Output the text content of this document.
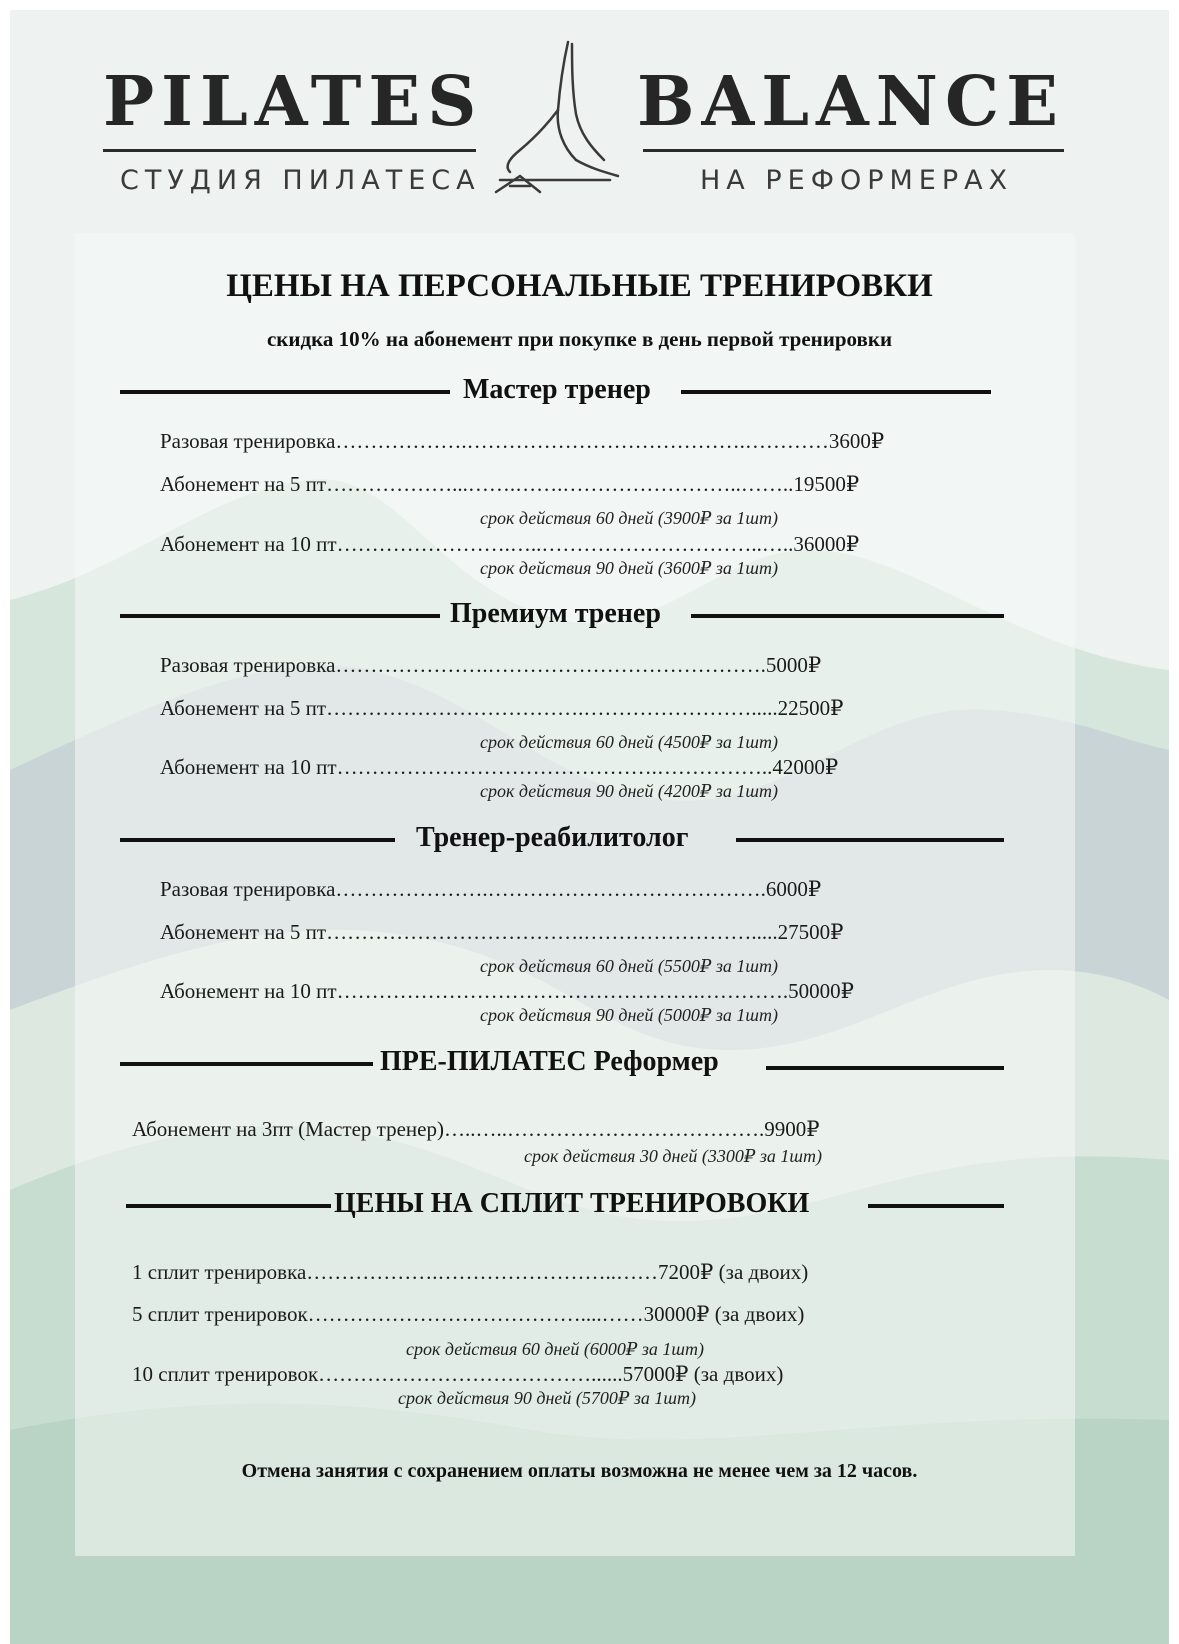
PILATES BALANCE
СТУДИЯ ПИЛАТЕСА	НА РЕФОРМЕРАХ
ЦЕНЫ НА ПЕРСОНАЛЬНЫЕ ТРЕНИРОВКИ
скидка 10% на абонемент при покупке в день первой тренировки
Мастер тренер
Разовая тренировка……………….………………………………….…………3600₽
Абонемент на 5 пт………………...…….…….……………………..……..19500₽
срок действия 60 дней (3900₽ за 1шт)
Абонемент на 10 пт…………………….…..…………………………..…..36000₽
срок действия 90 дней (3600₽ за 1шт)
Премиум тренер
Разовая тренировка………………….………………………………….5000₽
Абонемент на 5 пт……………………………….…………………….....22500₽
срок действия 60 дней (4500₽ за 1шт)
Абонемент на 10 пт……………………………………….……………..42000₽
срок действия 90 дней (4200₽ за 1шт)
Тренер-реабилитолог
Разовая тренировка………………….………………………………….6000₽
Абонемент на 5 пт……………………………….…………………….....27500₽
срок действия 60 дней (5500₽ за 1шт)
Абонемент на 10 пт…………………………………………….………….50000₽
срок действия 90 дней (5000₽ за 1шт)
ПРЕ-ПИЛАТЕС Реформер
Абонемент на 3пт (Мастер тренер)…..…..……………………………….9900₽
срок действия 30 дней (3300₽ за 1шт)
ЦЕНЫ НА СПЛИТ ТРЕНИРОВОКИ
1 сплит тренировка……………….……………………..……7200₽ (за двоих)
5 сплит тренировок…………………………………....……30000₽ (за двоих)
срок действия 60 дней (6000₽ за 1шт)
10 сплит тренировок…………………………………......57000₽ (за двоих)
срок действия 90 дней (5700₽ за 1шт)
Отмена занятия с сохранением оплаты возможна не менее чем за 12 часов.
